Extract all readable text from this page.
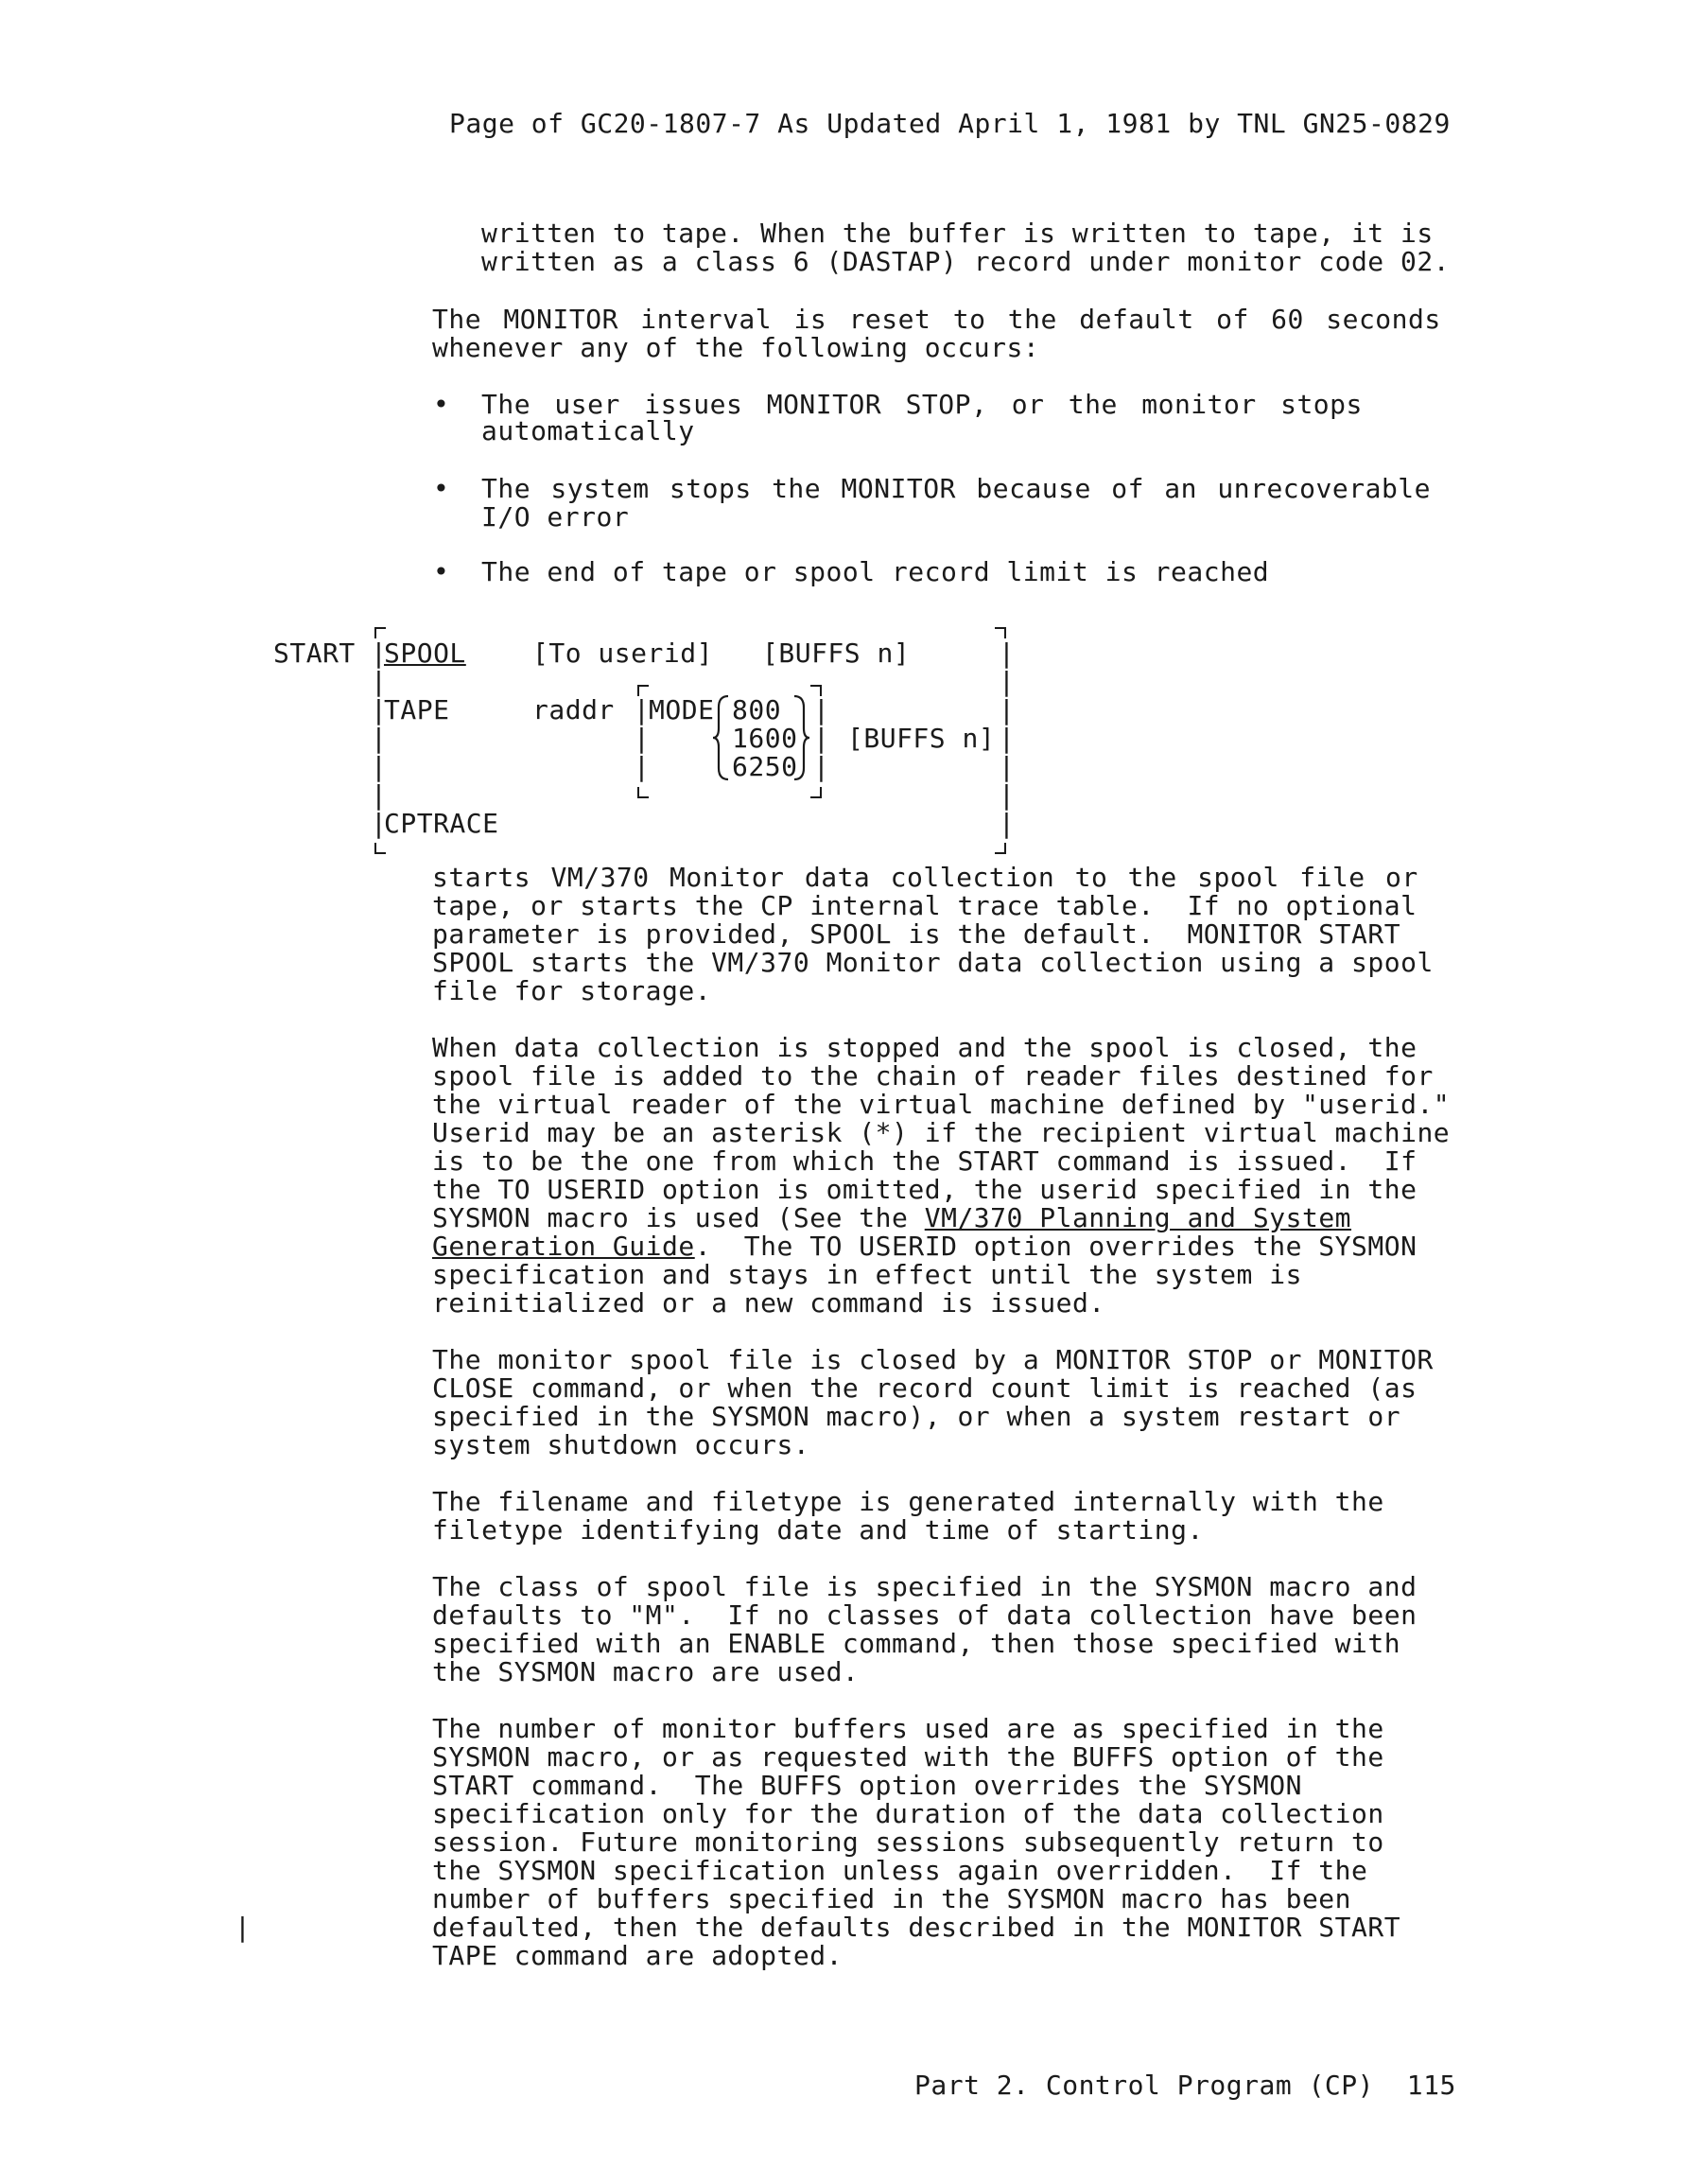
Page of GC20-1807-7 As Updated April 1, 1981 by TNL GN25-0829
written to tape. When the buffer is written to tape, it is
written as a class 6 (DASTAP) record under monitor code 02.
The MONITOR interval is reset to the default of 60 seconds
whenever any of the following occurs:
• The user issues MONITOR STOP, or the monitor stops
automatically
• The system stops the MONITOR because of an unrecoverable
I/O error
• The end of tape or spool record limit is reached
START |
|
|
|
|
|
|
|
|
|
|
|
|
|
SPOOL	[To userid]   [BUFFS n]
TAPE	raddr |
|
|
|
|
|
MODE 800
1600
6250
[BUFFS n]
CPTRACE
starts VM/370 Monitor data collection to the spool file or
tape, or starts the CP internal trace table.  If no optional
parameter is provided, SPOOL is the default.  MONITOR START
SPOOL starts the VM/370 Monitor data collection using a spool
file for storage.
When data collection is stopped and the spool is closed, the
spool file is added to the chain of reader files destined for
the virtual reader of the virtual machine defined by "userid."
Userid may be an asterisk (*) if the recipient virtual machine
is to be the one from which the START command is issued.  If
the TO USERID option is omitted, the userid specified in the
SYSMON macro is used (See the VM/370 Planning and System
Generation Guide.  The TO USERID option overrides the SYSMON
specification and stays in effect until the system is
reinitialized or a new command is issued.
The monitor spool file is closed by a MONITOR STOP or MONITOR
CLOSE command, or when the record count limit is reached (as
specified in the SYSMON macro), or when a system restart or
system shutdown occurs.
The filename and filetype is generated internally with the
filetype identifying date and time of starting.
The class of spool file is specified in the SYSMON macro and
defaults to "M".  If no classes of data collection have been
specified with an ENABLE command, then those specified with
the SYSMON macro are used.
The number of monitor buffers used are as specified in the
SYSMON macro, or as requested with the BUFFS option of the
START command.  The BUFFS option overrides the SYSMON
specification only for the duration of the data collection
session. Future monitoring sessions subsequently return to
the SYSMON specification unless again overridden.  If the
number of buffers specified in the SYSMON macro has been
defaulted, then the defaults described in the MONITOR START
TAPE command are adopted.
|
Part 2. Control Program (CP)  115
